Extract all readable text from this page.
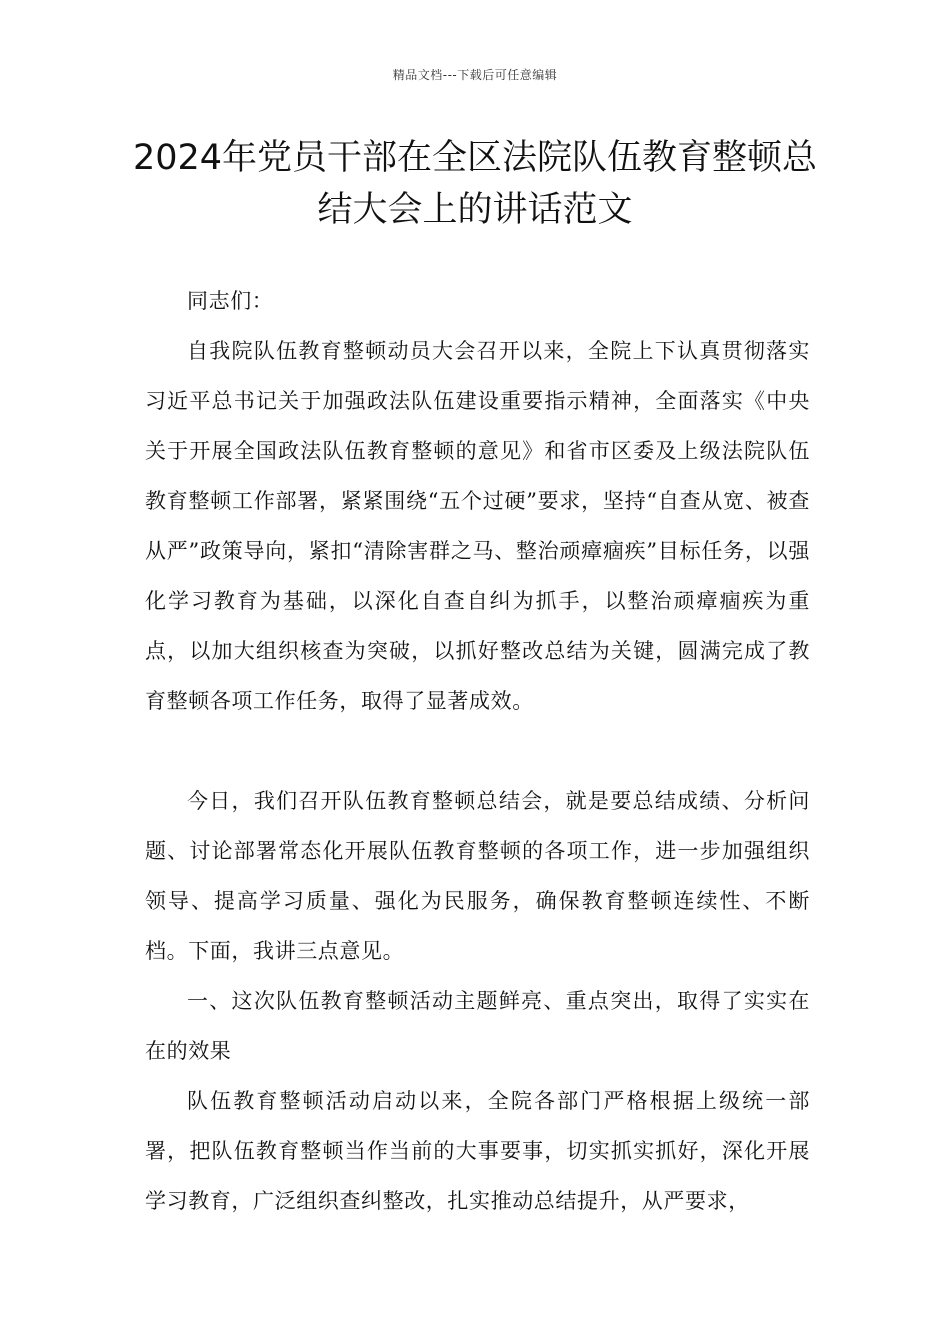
精品文档---下载后可任意编辑
2024年党员干部在全区法院队伍教育整顿总结大会上的讲话范文

同志们：

自我院队伍教育整顿动员大会召开以来，全院上下认真贯彻落实习近平总书记关于加强政法队伍建设重要指示精神，全面落实《中央关于开展全国政法队伍教育整顿的意见》和省市区委及上级法院队伍教育整顿工作部署，紧紧围绕“五个过硬”要求，坚持“自查从宽、被查从严”政策导向，紧扣“清除害群之马、整治顽瘴痼疾”目标任务，以强化学习教育为基础，以深化自查自纠为抓手，以整治顽瘴痼疾为重点，以加大组织核查为突破，以抓好整改总结为关键，圆满完成了教育整顿各项工作任务，取得了显著成效。

今日，我们召开队伍教育整顿总结会，就是要总结成绩、分析问题、讨论部署常态化开展队伍教育整顿的各项工作，进一步加强组织领导、提高学习质量、强化为民服务，确保教育整顿连续性、不断档。下面，我讲三点意见。

一、这次队伍教育整顿活动主题鲜亮、重点突出，取得了实实在在的效果

队伍教育整顿活动启动以来，全院各部门严格根据上级统一部署，把队伍教育整顿当作当前的大事要事，切实抓实抓好，深化开展学习教育，广泛组织查纠整改，扎实推动总结提升，从严要求，
